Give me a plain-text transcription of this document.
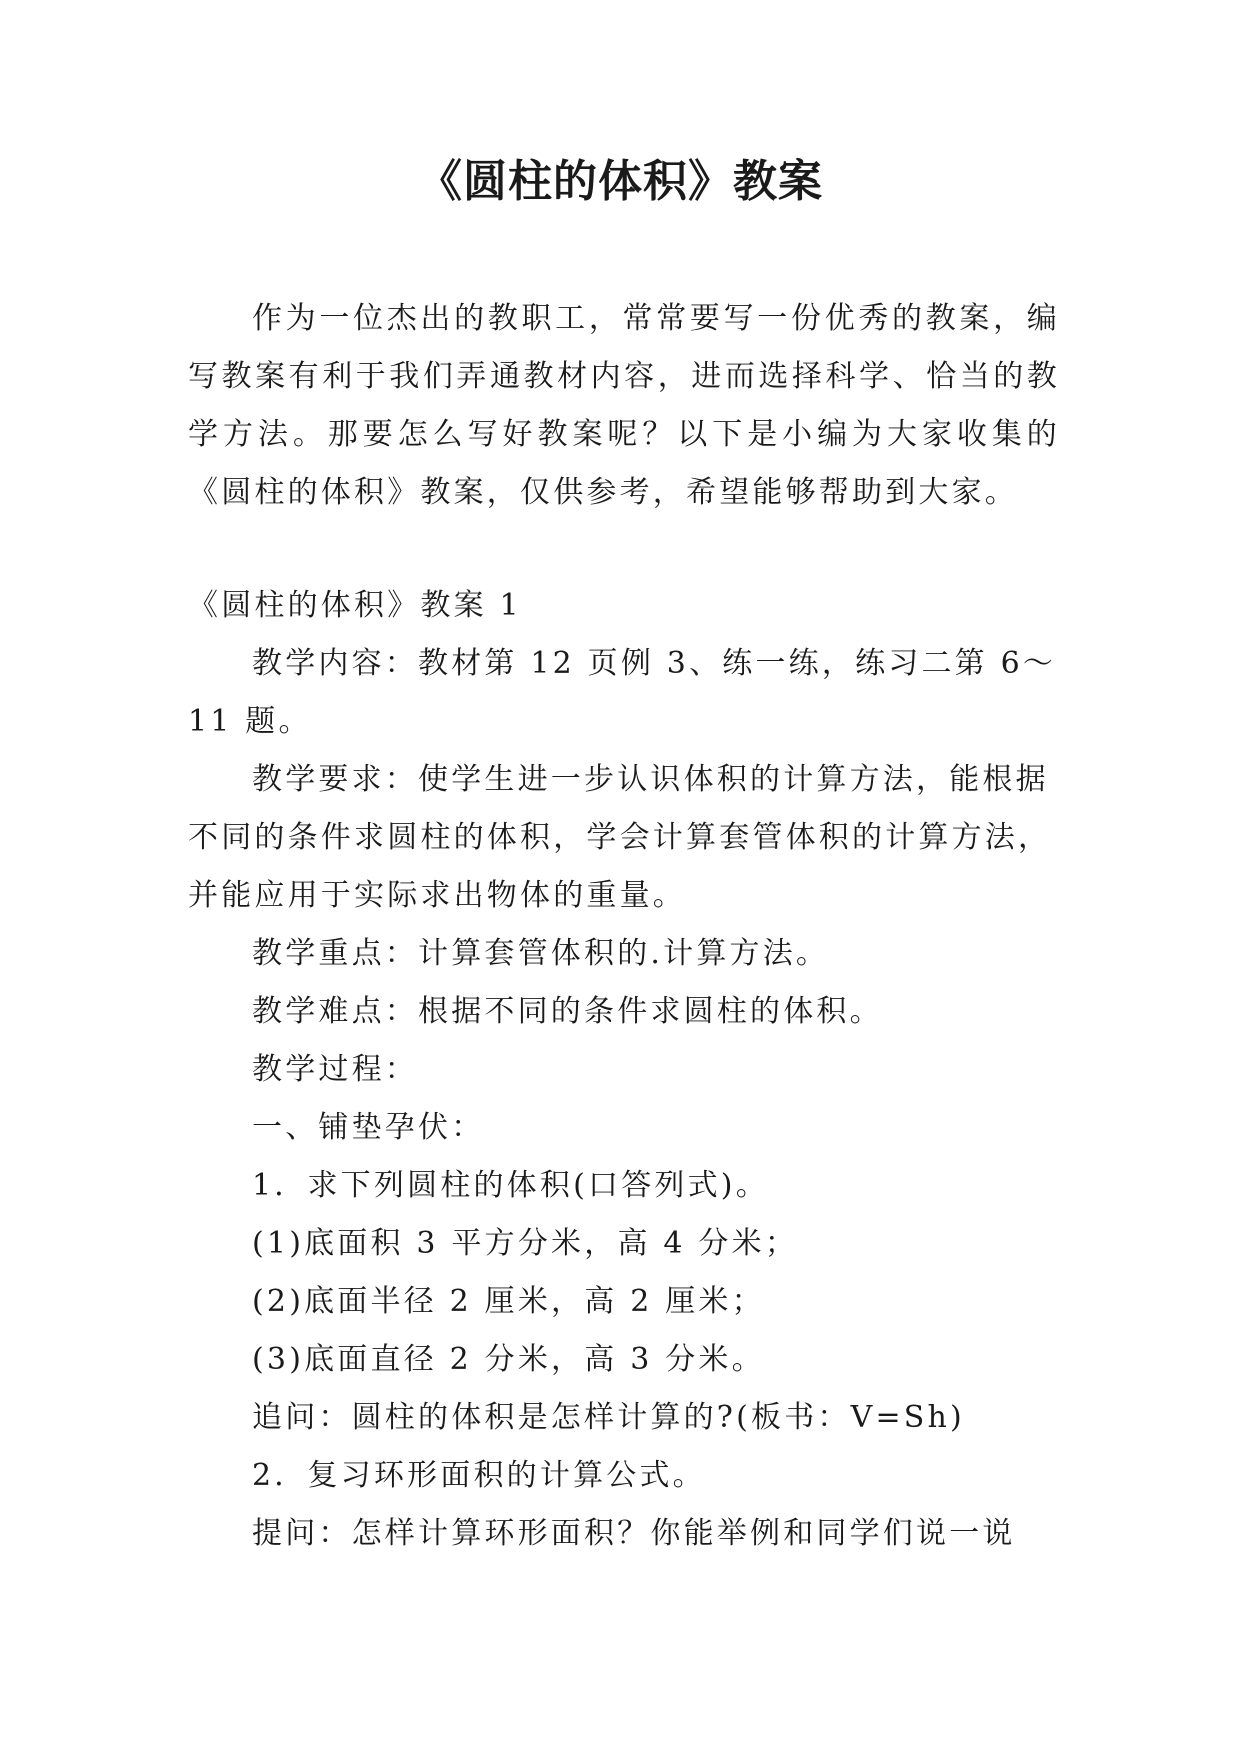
《圆柱的体积》教案

作为一位杰出的教职工，常常要写一份优秀的教案，编写教案有利于我们弄通教材内容，进而选择科学、恰当的教学方法。那要怎么写好教案呢？以下是小编为大家收集的《圆柱的体积》教案，仅供参考，希望能够帮助到大家。

《圆柱的体积》教案 1

教学内容：教材第 12 页例 3、练一练，练习二第 6～11 题。

教学要求：使学生进一步认识体积的计算方法，能根据不同的条件求圆柱的体积，学会计算套管体积的计算方法，并能应用于实际求出物体的重量。

教学重点：计算套管体积的.计算方法。

教学难点：根据不同的条件求圆柱的体积。

教学过程：

一、铺垫孕伏：

1．求下列圆柱的体积(口答列式)。

(1)底面积 3 平方分米，高 4 分米；

(2)底面半径 2 厘米，高 2 厘米；

(3)底面直径 2 分米，高 3 分米。

追问：圆柱的体积是怎样计算的?(板书：V=Sh)

2．复习环形面积的计算公式。

提问：怎样计算环形面积？你能举例和同学们说一说
